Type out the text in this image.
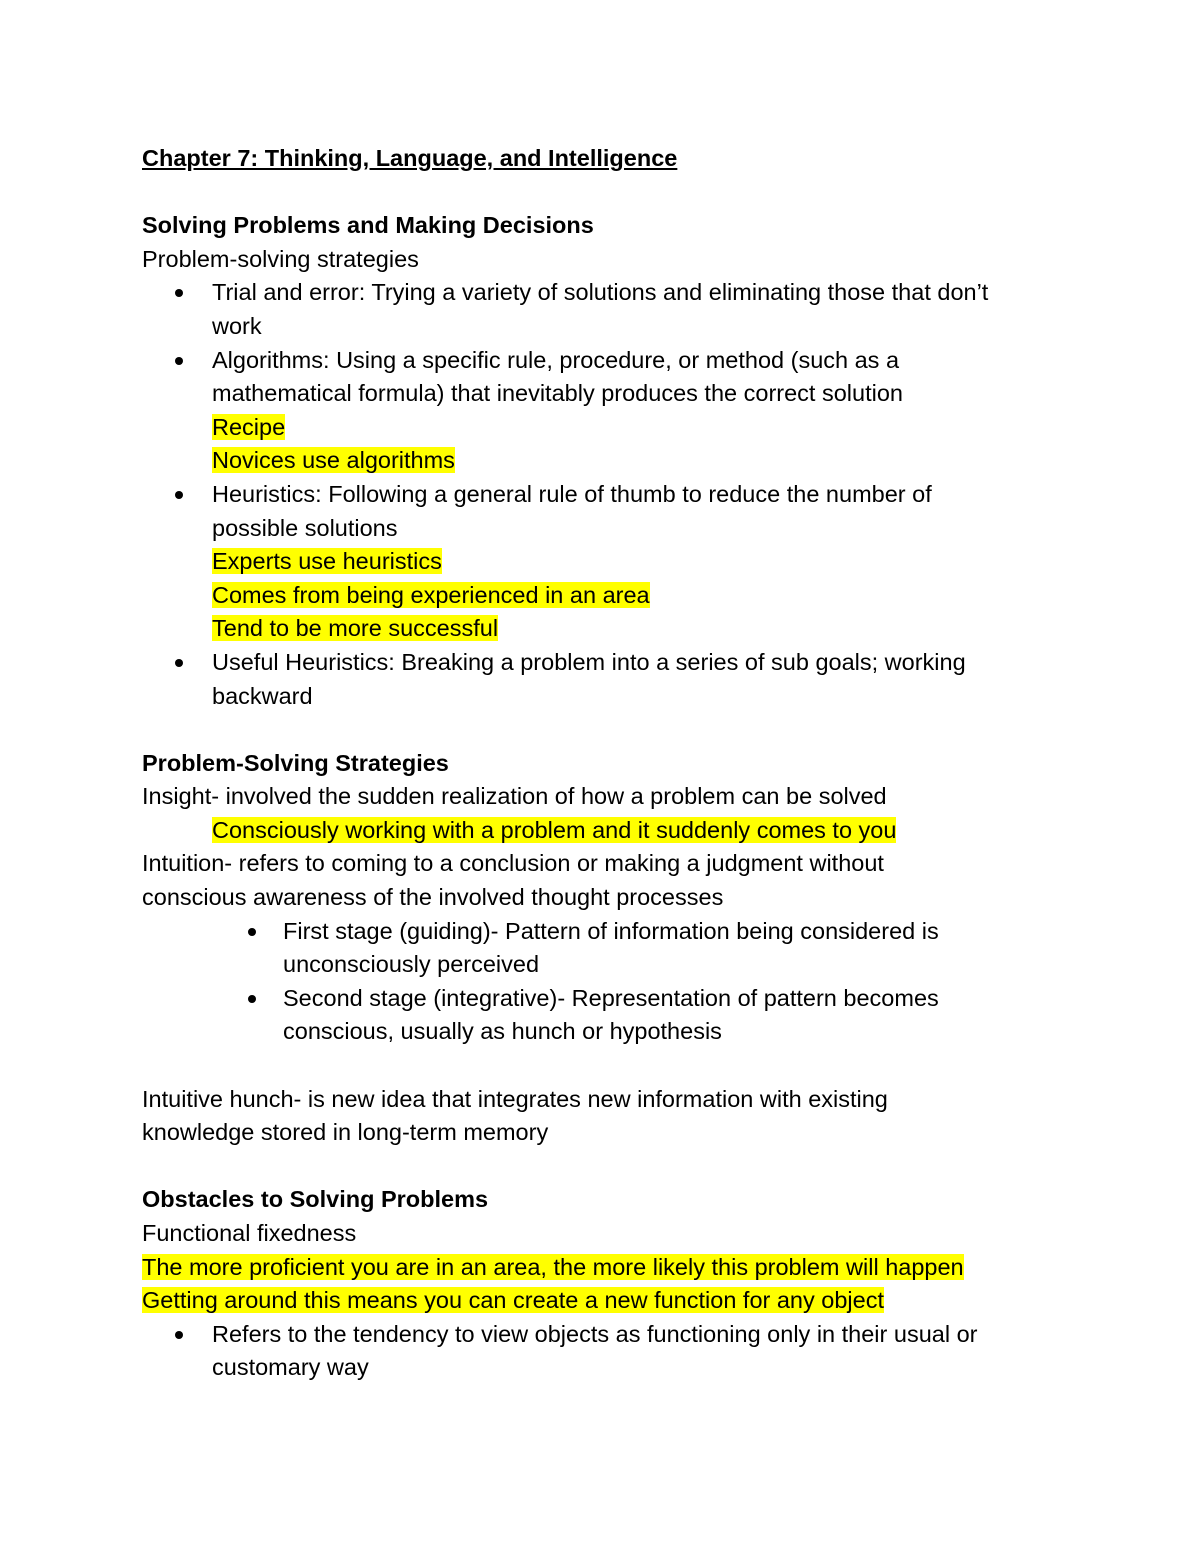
Chapter 7: Thinking, Language, and Intelligence
Solving Problems and Making Decisions
Problem-solving strategies
Trial and error: Trying a variety of solutions and eliminating those that don’t
work
Algorithms: Using a specific rule, procedure, or method (such as a
mathematical formula) that inevitably produces the correct solution
Recipe
Novices use algorithms
Heuristics: Following a general rule of thumb to reduce the number of
possible solutions
Experts use heuristics
Comes from being experienced in an area
Tend to be more successful
Useful Heuristics: Breaking a problem into a series of sub goals; working
backward
Problem-Solving Strategies
Insight- involved the sudden realization of how a problem can be solved
Consciously working with a problem and it suddenly comes to you
Intuition- refers to coming to a conclusion or making a judgment without
conscious awareness of the involved thought processes
First stage (guiding)- Pattern of information being considered is
unconsciously perceived
Second stage (integrative)- Representation of pattern becomes
conscious, usually as hunch or hypothesis
Intuitive hunch- is new idea that integrates new information with existing
knowledge stored in long-term memory
Obstacles to Solving Problems
Functional fixedness
The more proficient you are in an area, the more likely this problem will happen
Getting around this means you can create a new function for any object
Refers to the tendency to view objects as functioning only in their usual or
customary way
